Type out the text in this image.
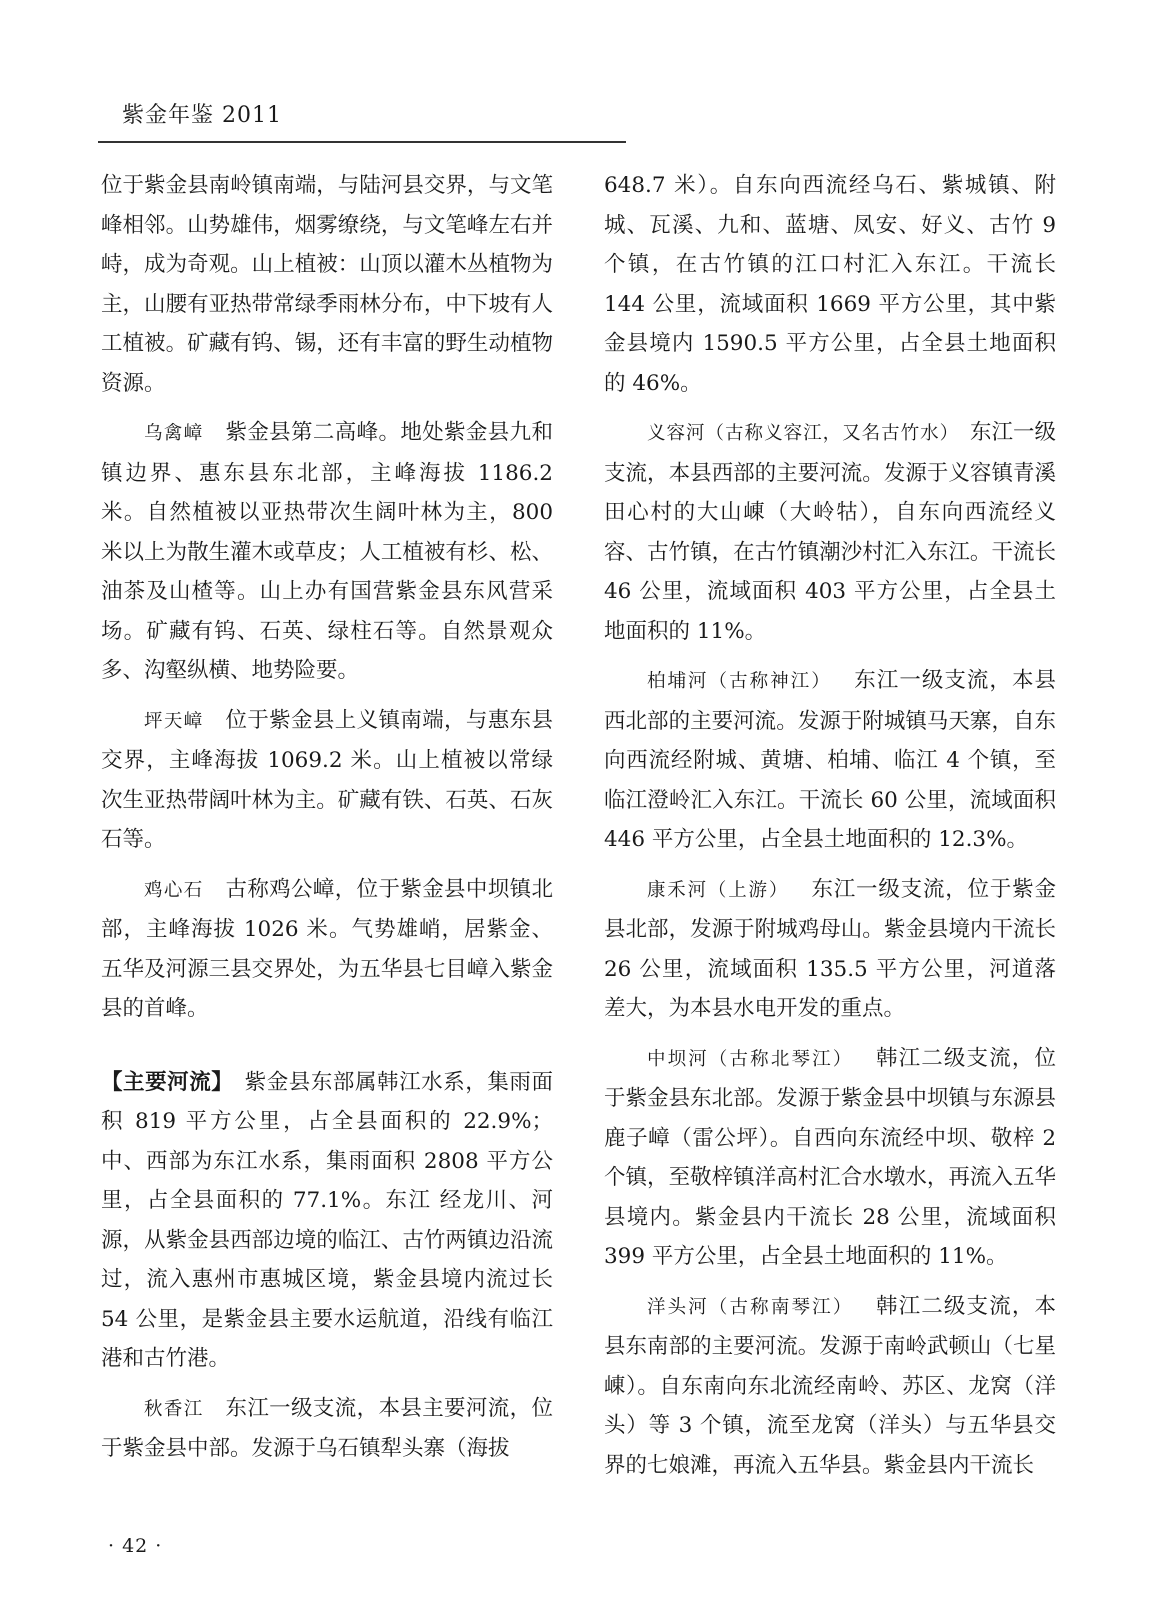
紫金年鉴 2011

位于紫金县南岭镇南端，与陆河县交界，与文笔峰相邻。山势雄伟，烟雾缭绕，与文笔峰左右并峙，成为奇观。山上植被：山顶以灌木丛植物为主，山腰有亚热带常绿季雨林分布，中下坡有人工植被。矿藏有钨、锡，还有丰富的野生动植物资源。

乌禽嶂  紫金县第二高峰。地处紫金县九和镇边界、惠东县东北部，主峰海拔 1186.2 米。自然植被以亚热带次生阔叶林为主，800 米以上为散生灌木或草皮；人工植被有杉、松、油茶及山楂等。山上办有国营紫金县东风营采场。矿藏有钨、石英、绿柱石等。自然景观众多、沟壑纵横、地势险要。

坪天嶂  位于紫金县上义镇南端，与惠东县交界，主峰海拔 1069.2 米。山上植被以常绿次生亚热带阔叶林为主。矿藏有铁、石英、石灰石等。

鸡心石  古称鸡公嶂，位于紫金县中坝镇北部，主峰海拔 1026 米。气势雄峭，居紫金、五华及河源三县交界处，为五华县七目嶂入紫金县的首峰。

【主要河流】  紫金县东部属韩江水系，集雨面积 819 平方公里，占全县面积的 22.9%；中、西部为东江水系，集雨面积 2808 平方公里，占全县面积的 77.1%。东江 经龙川、河源，从紫金县西部边境的临江、古竹两镇边沿流过，流入惠州市惠城区境，紫金县境内流过长 54 公里，是紫金县主要水运航道，沿线有临江港和古竹港。

秋香江  东江一级支流，本县主要河流，位于紫金县中部。发源于乌石镇犁头寨（海拔

648.7 米）。自东向西流经乌石、紫城镇、附城、瓦溪、九和、蓝塘、凤安、好义、古竹 9 个镇，在古竹镇的江口村汇入东江。干流长 144 公里，流域面积 1669 平方公里，其中紫金县境内 1590.5 平方公里，占全县土地面积的 46%。

义容河（古称义容江，又名古竹水）  东江一级支流，本县西部的主要河流。发源于义容镇青溪田心村的大山崠（大岭牯），自东向西流经义容、古竹镇，在古竹镇潮沙村汇入东江。干流长 46 公里，流域面积 403 平方公里，占全县土地面积的 11%。

柏埔河（古称神江）  东江一级支流，本县西北部的主要河流。发源于附城镇马天寨，自东向西流经附城、黄塘、柏埔、临江 4 个镇，至临江澄岭汇入东江。干流长 60 公里，流域面积 446 平方公里，占全县土地面积的 12.3%。

康禾河（上游）  东江一级支流，位于紫金县北部，发源于附城鸡母山。紫金县境内干流长 26 公里，流域面积 135.5 平方公里，河道落差大，为本县水电开发的重点。

中坝河（古称北琴江）  韩江二级支流，位于紫金县东北部。发源于紫金县中坝镇与东源县鹿子嶂（雷公坪）。自西向东流经中坝、敬梓 2 个镇，至敬梓镇洋高村汇合水墩水，再流入五华县境内。紫金县内干流长 28 公里，流域面积 399 平方公里，占全县土地面积的 11%。

洋头河（古称南琴江）  韩江二级支流，本县东南部的主要河流。发源于南岭武顿山（七星崠）。自东南向东北流经南岭、苏区、龙窝（洋头）等 3 个镇，流至龙窝（洋头）与五华县交界的七娘滩，再流入五华县。紫金县内干流长

· 42 ·
